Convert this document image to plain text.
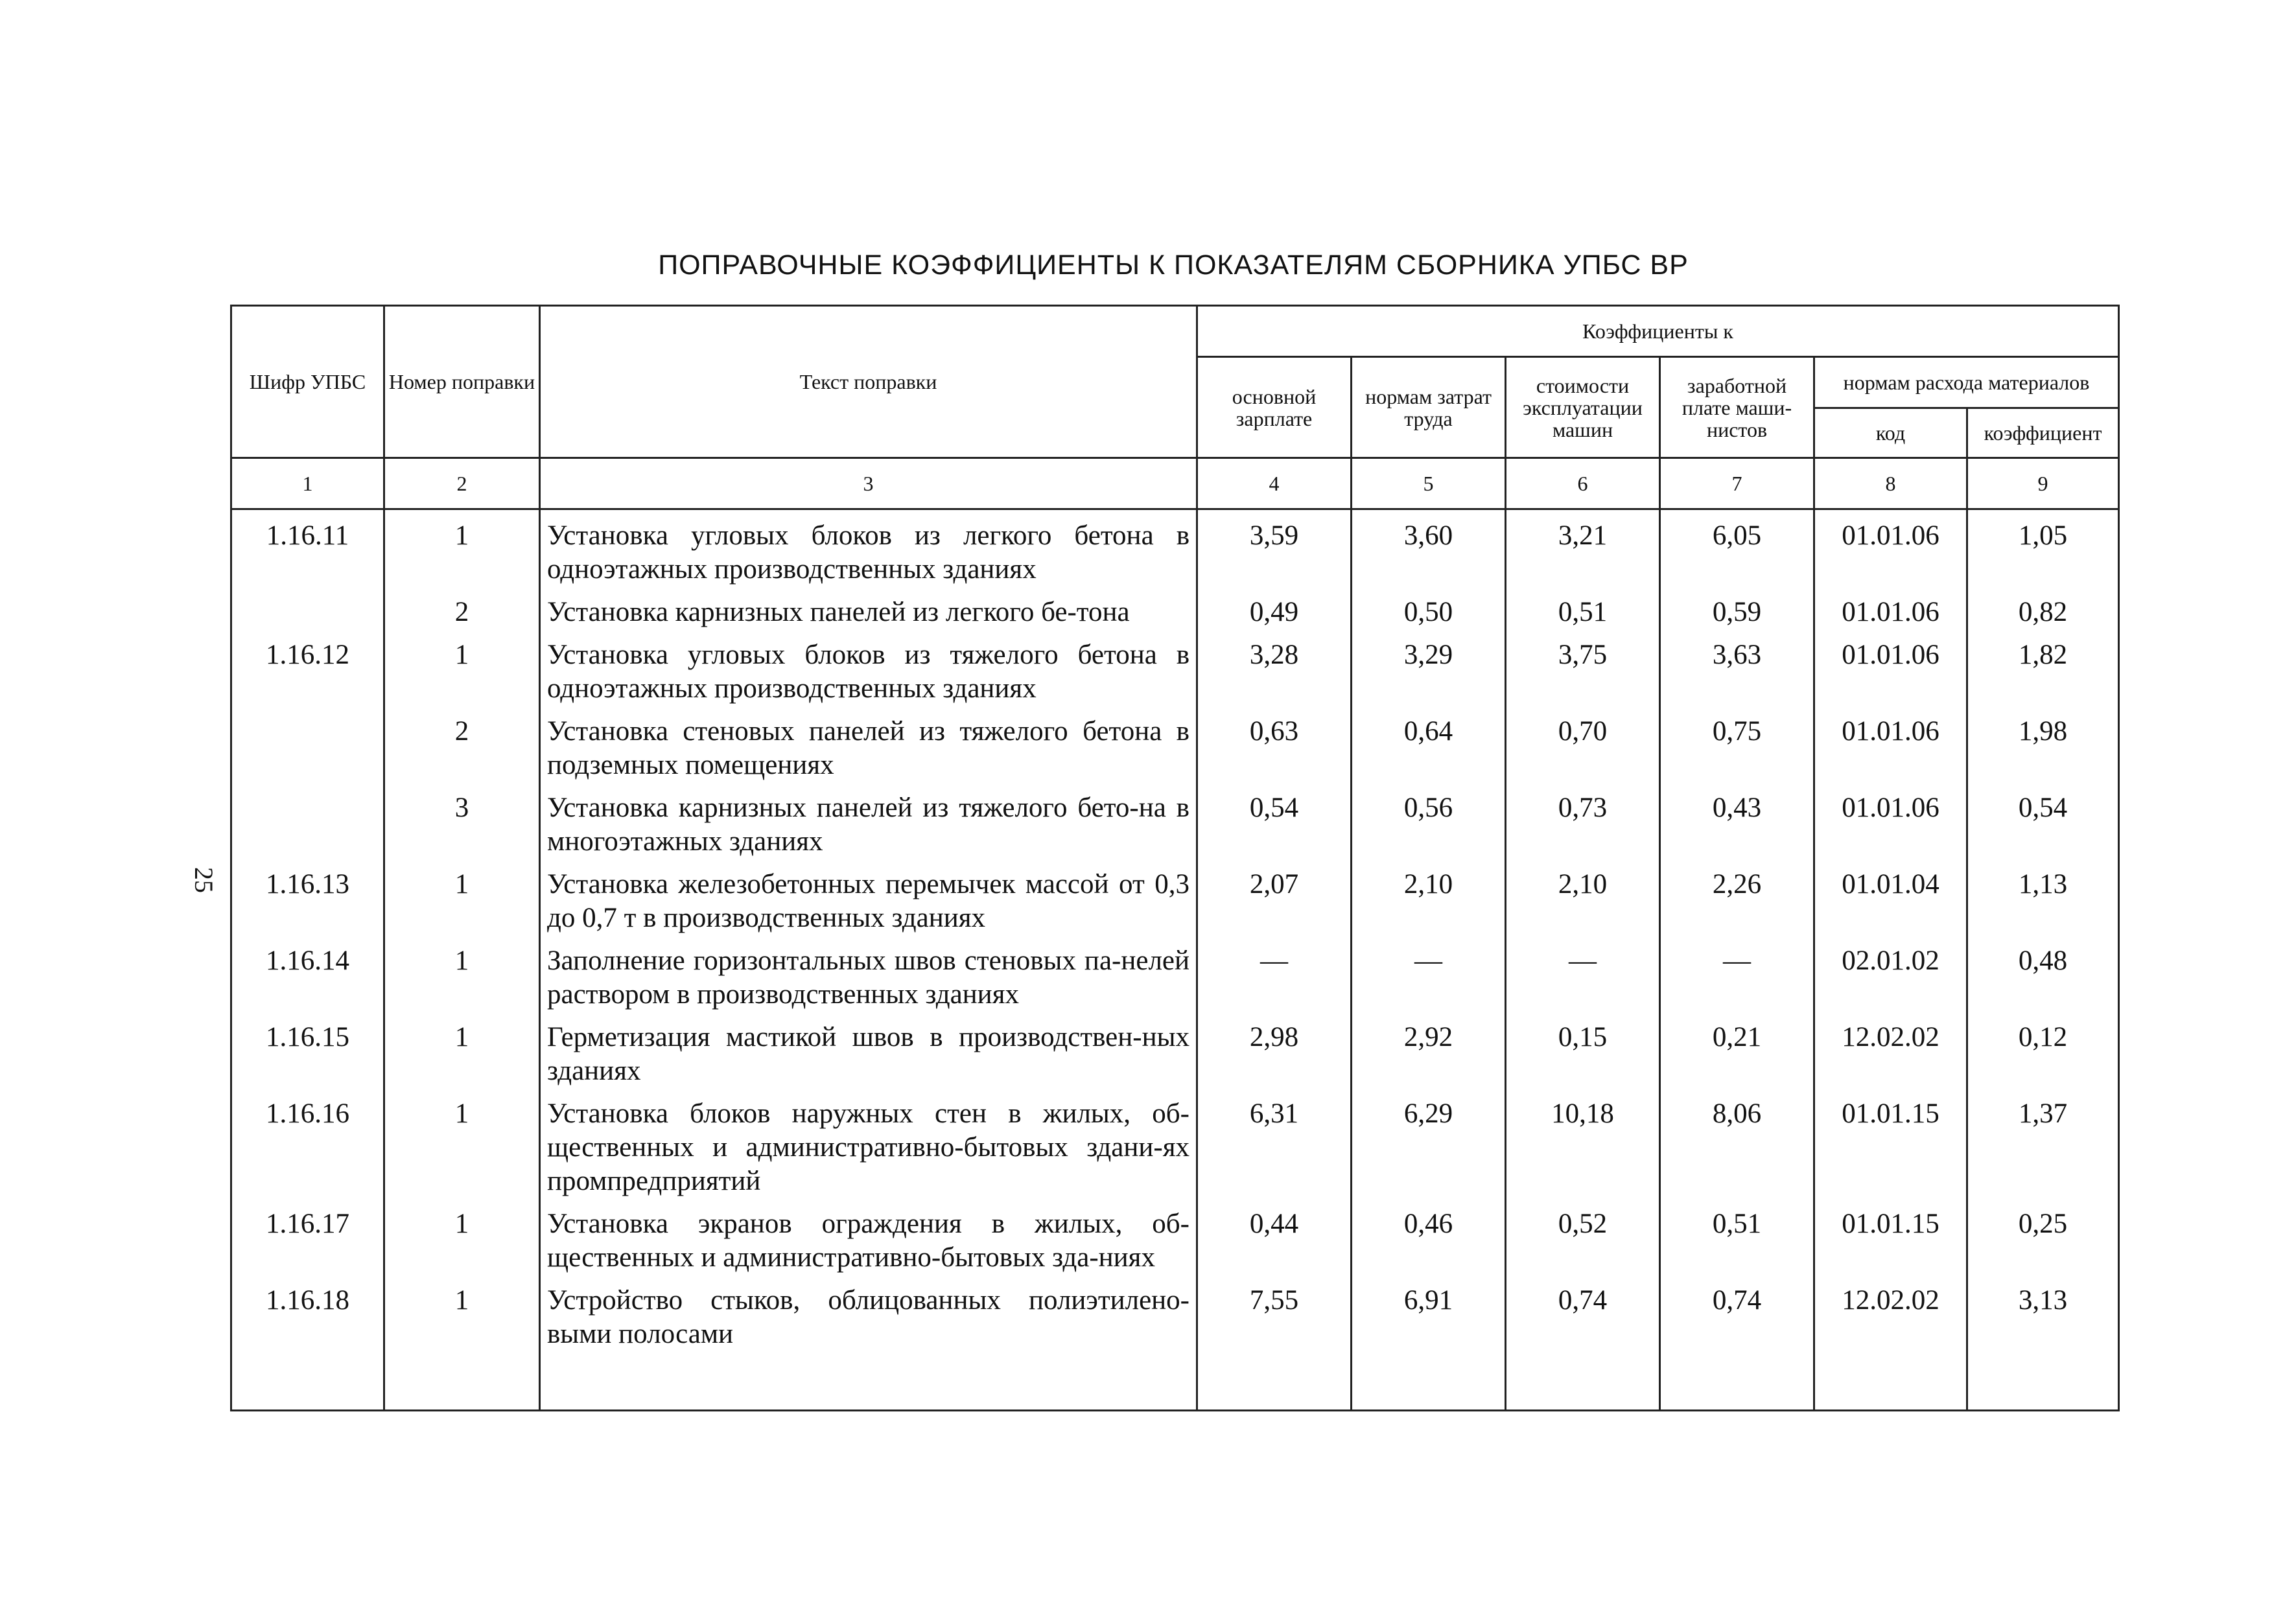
25
ПОПРАВОЧНЫЕ КОЭФФИЦИЕНТЫ К ПОКАЗАТЕЛЯМ СБОРНИКА УПБС ВР
Шифр УПБС	Номер поправки	Текст поправки	Коэффициенты к					
			основной зарплате	нормам затрат труда	стоимости эксплуатации машин	заработной плате маши-нистов	нормам расхода материалов	
							код	коэффициент
1	2	3	4	5	6	7	8	9
1.16.11	1	Установка угловых блоков из легкого бетона в одноэтажных производственных зданиях	3,59	3,60	3,21	6,05	01.01.06	1,05
	2	Установка карнизных панелей из легкого бе-тона	0,49	0,50	0,51	0,59	01.01.06	0,82
1.16.12	1	Установка угловых блоков из тяжелого бетона в одноэтажных производственных зданиях	3,28	3,29	3,75	3,63	01.01.06	1,82
	2	Установка стеновых панелей из тяжелого бетона в подземных помещениях	0,63	0,64	0,70	0,75	01.01.06	1,98
	3	Установка карнизных панелей из тяжелого бето-на в многоэтажных зданиях	0,54	0,56	0,73	0,43	01.01.06	0,54
1.16.13	1	Установка железобетонных перемычек массой от 0,3 до 0,7 т в производственных зданиях	2,07	2,10	2,10	2,26	01.01.04	1,13
1.16.14	1	Заполнение горизонтальных швов стеновых па-нелей раствором в производственных зданиях	—	—	—	—	02.01.02	0,48
1.16.15	1	Герметизация мастикой швов в производствен-ных зданиях	2,98	2,92	0,15	0,21	12.02.02	0,12
1.16.16	1	Установка блоков наружных стен в жилых, об-щественных и административно-бытовых здани-ях промпредприятий	6,31	6,29	10,18	8,06	01.01.15	1,37
1.16.17	1	Установка экранов ограждения в жилых, об-щественных и административно-бытовых зда-ниях	0,44	0,46	0,52	0,51	01.01.15	0,25
1.16.18	1	Устройство стыков, облицованных полиэтилено-выми полосами	7,55	6,91	0,74	0,74	12.02.02	3,13
